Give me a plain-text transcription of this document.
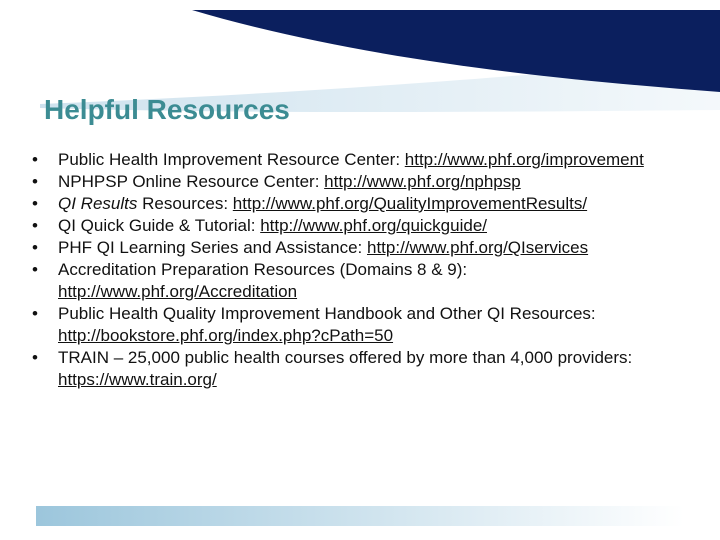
Helpful Resources
• Public Health Improvement Resource Center: http://www.phf.org/improvement
• NPHPSP Online Resource Center: http://www.phf.org/nphpsp
• QI Results Resources: http://www.phf.org/QualityImprovementResults/
• QI Quick Guide & Tutorial: http://www.phf.org/quickguide/
• PHF QI Learning Series and Assistance: http://www.phf.org/QIservices
• Accreditation Preparation Resources (Domains 8 & 9): http://www.phf.org/Accreditation
• Public Health Quality Improvement Handbook and Other QI Resources: http://bookstore.phf.org/index.php?cPath=50
• TRAIN – 25,000 public health courses offered by more than 4,000 providers: https://www.train.org/
